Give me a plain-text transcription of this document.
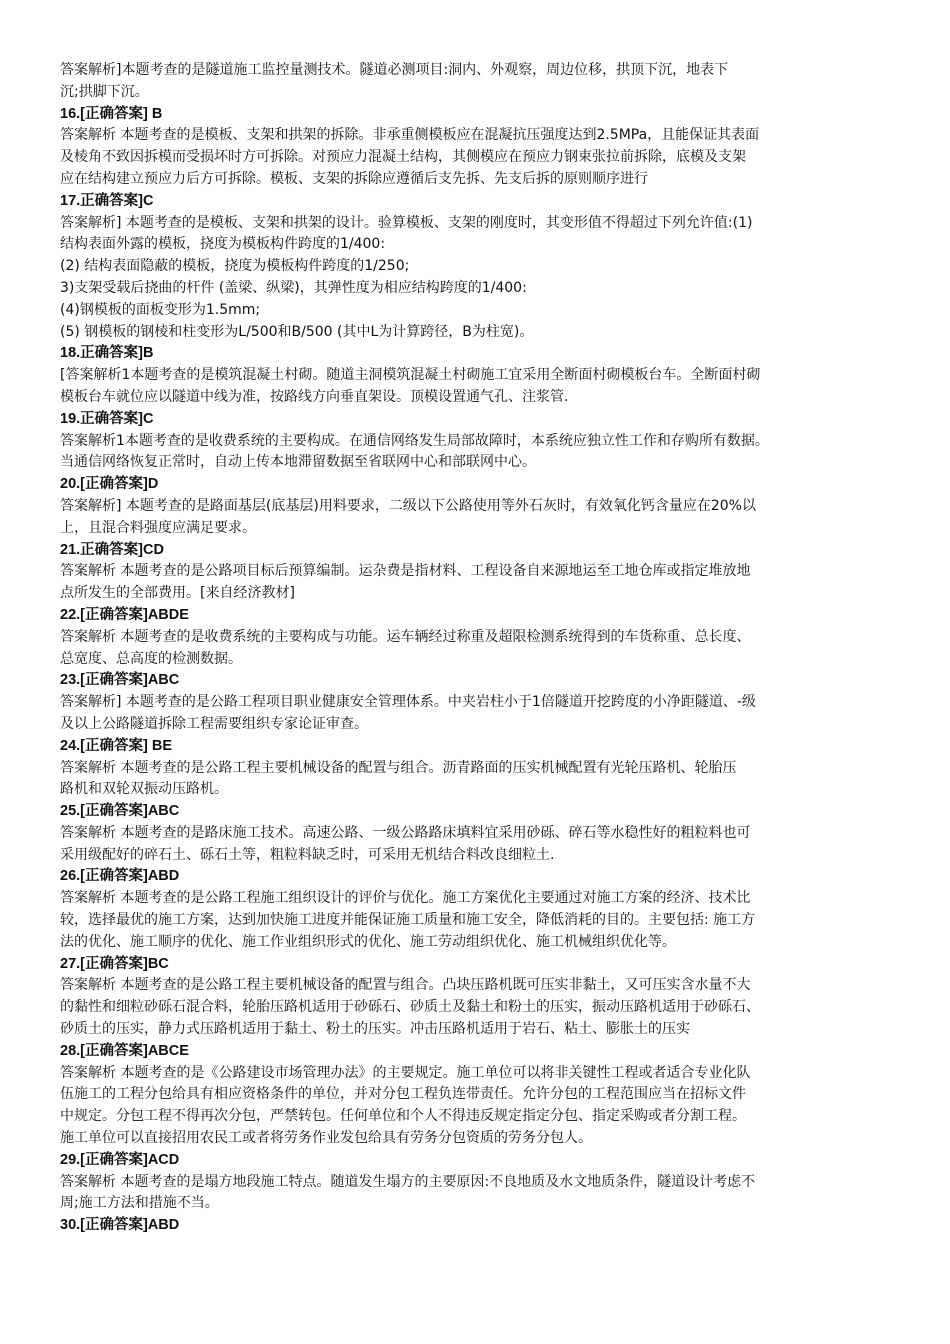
答案解析]本题考查的是隧道施工监控量测技术。隧道必测项目:洞内、外观察，周边位移，拱顶下沉，地表下
沉;拱脚下沉。
16.[正确答案] B
答案解析 本题考查的是模板、支架和拱架的拆除。非承重侧模板应在混凝抗压强度达到2.5MPa，且能保证其表面
及棱角不致因拆模而受损坏时方可拆除。对预应力混凝土结构，其侧模应在预应力钢束张拉前拆除，底模及支架
应在结构建立预应力后方可拆除。模板、支架的拆除应遵循后支先拆、先支后拆的原则顺序进行
17.正确答案]C
答案解析] 本题考查的是模板、支架和拱架的设计。验算模板、支架的刚度时，其变形值不得超过下列允许值:(1)
结构表面外露的模板，挠度为模板构件跨度的1/400:
(2) 结构表面隐蔽的模板，挠度为模板构件跨度的1/250;
3)支架受载后挠曲的杆件 (盖梁、纵梁)，其弹性度为相应结构跨度的1/400:
(4)钢模板的面板变形为1.5mm;
(5) 钢模板的钢棱和柱变形为L/500和B/500 (其中L为计算跨径，B为柱宽)。
18.正确答案]B
[答案解析1本题考查的是模筑混凝土村砌。随道主洞模筑混凝土村砌施工宜采用全断面村砌模板台车。全断面村砌
模板台车就位应以隧道中线为准，按路线方向垂直架设。顶模设置通气孔、注浆管.
19.正确答案]C
答案解析1本题考查的是收费系统的主要构成。在通信网络发生局部故障时，本系统应独立性工作和存购所有数据。
当通信网络恢复正常时，自动上传本地滞留数据至省联网中心和部联网中心。
20.[正确答案]D
答案解析] 本题考查的是路面基层(底基层)用料要求，二级以下公路使用等外石灰时，有效氧化钙含量应在20%以
上，且混合料强度应满足要求。
21.正确答案]CD
答案解析 本题考查的是公路项目标后预算编制。运杂费是指材料、工程设备自来源地运至工地仓库或指定堆放地
点所发生的全部费用。[来自经济教材]
22.[正确答案]ABDE
答案解析 本题考查的是收费系统的主要构成与功能。运车辆经过称重及超限检测系统得到的车货称重、总长度、
总宽度、总高度的检测数据。
23.[正确答案]ABC
答案解析] 本题考查的是公路工程项目职业健康安全管理体系。中夹岩柱小于1倍隧道开挖跨度的小净距隧道、-级
及以上公路隧道拆除工程需要组织专家论证审查。
24.[正确答案] BE
答案解析 本题考查的是公路工程主要机械设备的配置与组合。沥青路面的压实机械配置有光轮压路机、轮胎压
路机和双轮双振动压路机。
25.[正确答案]ABC
答案解析 本题考查的是路床施工技术。高速公路、一级公路路床填料宜采用砂砾、碎石等水稳性好的粗粒料也可
采用级配好的碎石土、砾石土等，粗粒料缺乏时，可采用无机结合料改良细粒土.
26.[正确答案]ABD
答案解析 本题考查的是公路工程施工组织设计的评价与优化。施工方案优化主要通过对施工方案的经济、技术比
较，选择最优的施工方案，达到加快施工进度并能保证施工质量和施工安全，降低消耗的目的。主要包括: 施工方
法的优化、施工顺序的优化、施工作业组织形式的优化、施工劳动组织优化、施工机械组织优化等。
27.[正确答案]BC
答案解析 本题考查的是公路工程主要机械设备的配置与组合。凸块压路机既可压实非黏土，又可压实含水量不大
的黏性和细粒砂砾石混合料，轮胎压路机适用于砂砾石、砂质土及黏土和粉土的压实，振动压路机适用于砂砾石、
砂质土的压实，静力式压路机适用于黏土、粉土的压实。冲击压路机适用于岩石、粘土、膨胀土的压实
28.[正确答案]ABCE
答案解析 本题考查的是《公路建设市场管理办法》的主要规定。施工单位可以将非关键性工程或者适合专业化队
伍施工的工程分包给具有相应资格条件的单位，并对分包工程负连带责任。允许分包的工程范围应当在招标文件
中规定。分包工程不得再次分包，严禁转包。任何单位和个人不得违反规定指定分包、指定采购或者分割工程。
施工单位可以直接招用农民工或者将劳务作业发包给具有劳务分包资质的劳务分包人。
29.[正确答案]ACD
答案解析 本题考查的是塌方地段施工特点。随道发生塌方的主要原因:不良地质及水文地质条件，隧道设计考虑不
周;施工方法和措施不当。
30.[正确答案]ABD
